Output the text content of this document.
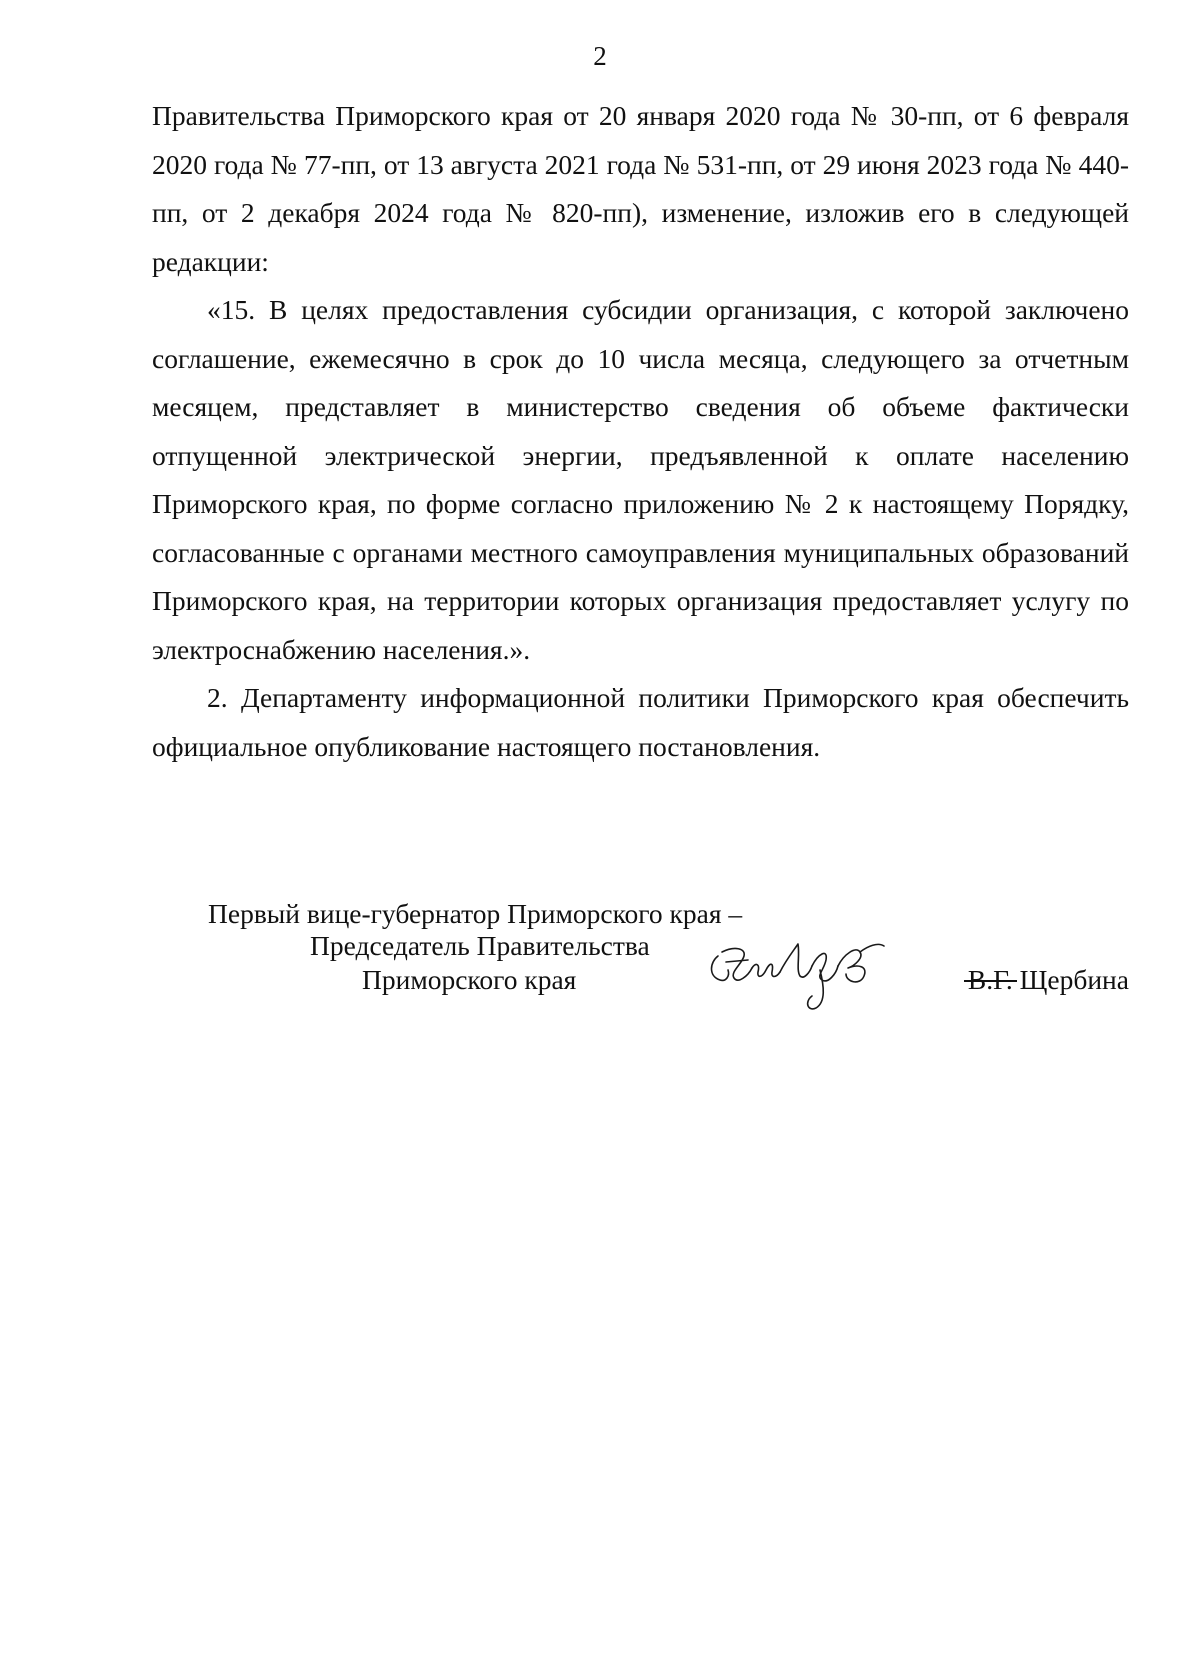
2

Правительства Приморского края от 20 января 2020 года № 30-пп, от 6 февраля 2020 года № 77-пп, от 13 августа 2021 года № 531-пп, от 29 июня 2023 года № 440-пп, от 2 декабря 2024 года № 820-пп), изменение, изложив его в следующей редакции:

«15. В целях предоставления субсидии организация, с которой заключено соглашение, ежемесячно в срок до 10 числа месяца, следующего за отчетным месяцем, представляет в министерство сведения об объеме фактически отпущенной электрической энергии, предъявленной к оплате населению Приморского края, по форме согласно приложению № 2 к настоящему Порядку, согласованные с органами местного самоуправления муниципальных образований Приморского края, на территории которых организация предоставляет услугу по электроснабжению населения.».

2. Департаменту информационной политики Приморского края обеспечить официальное опубликование настоящего постановления.

Первый вице-губернатор Приморского края –
Председатель Правительства
Приморского края	В.Г. Щербина
